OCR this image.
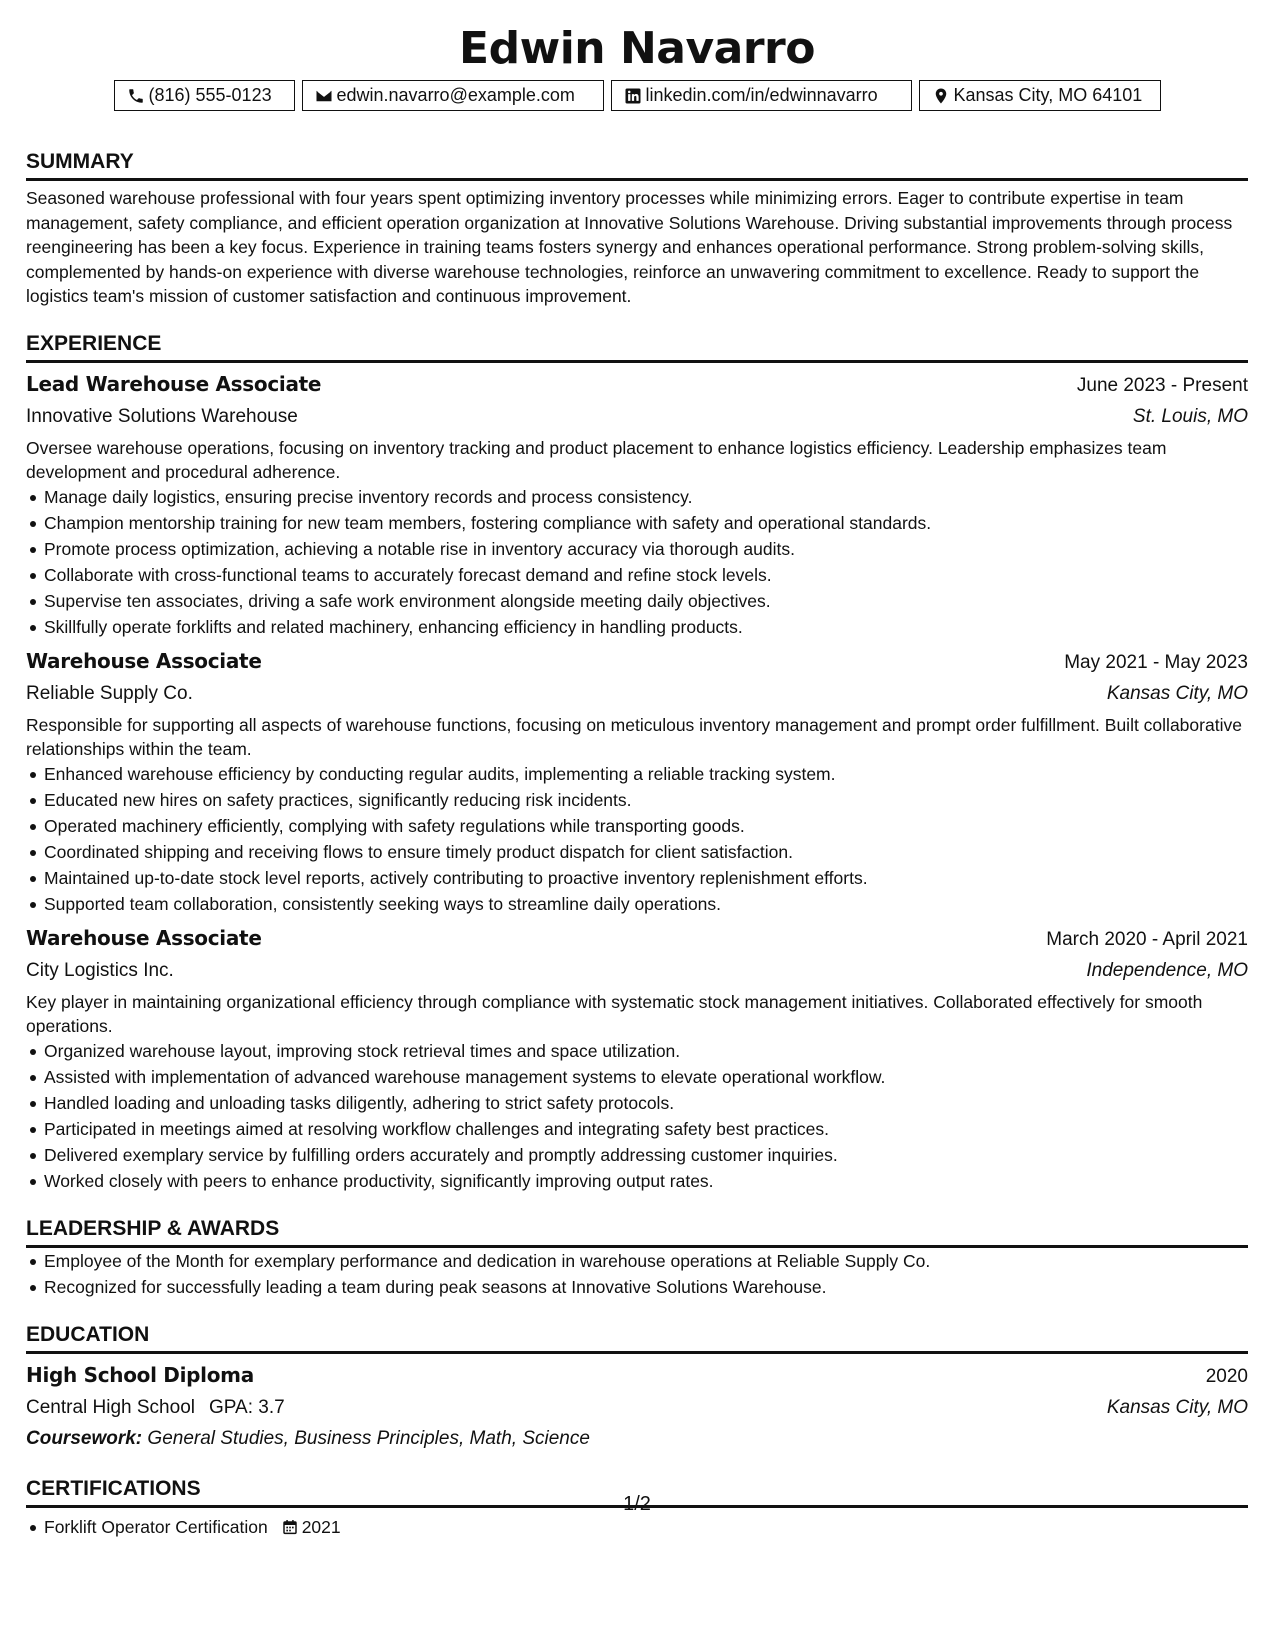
Edwin Navarro
(816) 555-0123	edwin.navarro@example.com	linkedin.com/in/edwinnavarro	Kansas City, MO 64101
SUMMARY

Seasoned warehouse professional with four years spent optimizing inventory processes while minimizing errors. Eager to contribute expertise in team management, safety compliance, and efficient operation organization at Innovative Solutions Warehouse. Driving substantial improvements through process reengineering has been a key focus. Experience in training teams fosters synergy and enhances operational performance. Strong problem-solving skills, complemented by hands-on experience with diverse warehouse technologies, reinforce an unwavering commitment to excellence. Ready to support the logistics team's mission of customer satisfaction and continuous improvement.

EXPERIENCE
Lead Warehouse Associate	June 2023 - Present
Innovative Solutions Warehouse	St. Louis, MO

Oversee warehouse operations, focusing on inventory tracking and product placement to enhance logistics efficiency. Leadership emphasizes team development and procedural adherence.

Manage daily logistics, ensuring precise inventory records and process consistency.
Champion mentorship training for new team members, fostering compliance with safety and operational standards.
Promote process optimization, achieving a notable rise in inventory accuracy via thorough audits.
Collaborate with cross-functional teams to accurately forecast demand and refine stock levels.
Supervise ten associates, driving a safe work environment alongside meeting daily objectives.
Skillfully operate forklifts and related machinery, enhancing efficiency in handling products.
Warehouse Associate	May 2021 - May 2023
Reliable Supply Co.	Kansas City, MO

Responsible for supporting all aspects of warehouse functions, focusing on meticulous inventory management and prompt order fulfillment. Built collaborative relationships within the team.

Enhanced warehouse efficiency by conducting regular audits, implementing a reliable tracking system.
Educated new hires on safety practices, significantly reducing risk incidents.
Operated machinery efficiently, complying with safety regulations while transporting goods.
Coordinated shipping and receiving flows to ensure timely product dispatch for client satisfaction.
Maintained up-to-date stock level reports, actively contributing to proactive inventory replenishment efforts.
Supported team collaboration, consistently seeking ways to streamline daily operations.
Warehouse Associate	March 2020 - April 2021
City Logistics Inc.	Independence, MO

Key player in maintaining organizational efficiency through compliance with systematic stock management initiatives. Collaborated effectively for smooth operations.

Organized warehouse layout, improving stock retrieval times and space utilization.
Assisted with implementation of advanced warehouse management systems to elevate operational workflow.
Handled loading and unloading tasks diligently, adhering to strict safety protocols.
Participated in meetings aimed at resolving workflow challenges and integrating safety best practices.
Delivered exemplary service by fulfilling orders accurately and promptly addressing customer inquiries.
Worked closely with peers to enhance productivity, significantly improving output rates.
LEADERSHIP & AWARDS
Employee of the Month for exemplary performance and dedication in warehouse operations at Reliable Supply Co.
Recognized for successfully leading a team during peak seasons at Innovative Solutions Warehouse.
EDUCATION
High School Diploma	2020
Central High School GPA: 3.7	Kansas City, MO
Coursework: General Studies, Business Principles, Math, Science
CERTIFICATIONS
Forklift Operator Certification 2021
1/2
